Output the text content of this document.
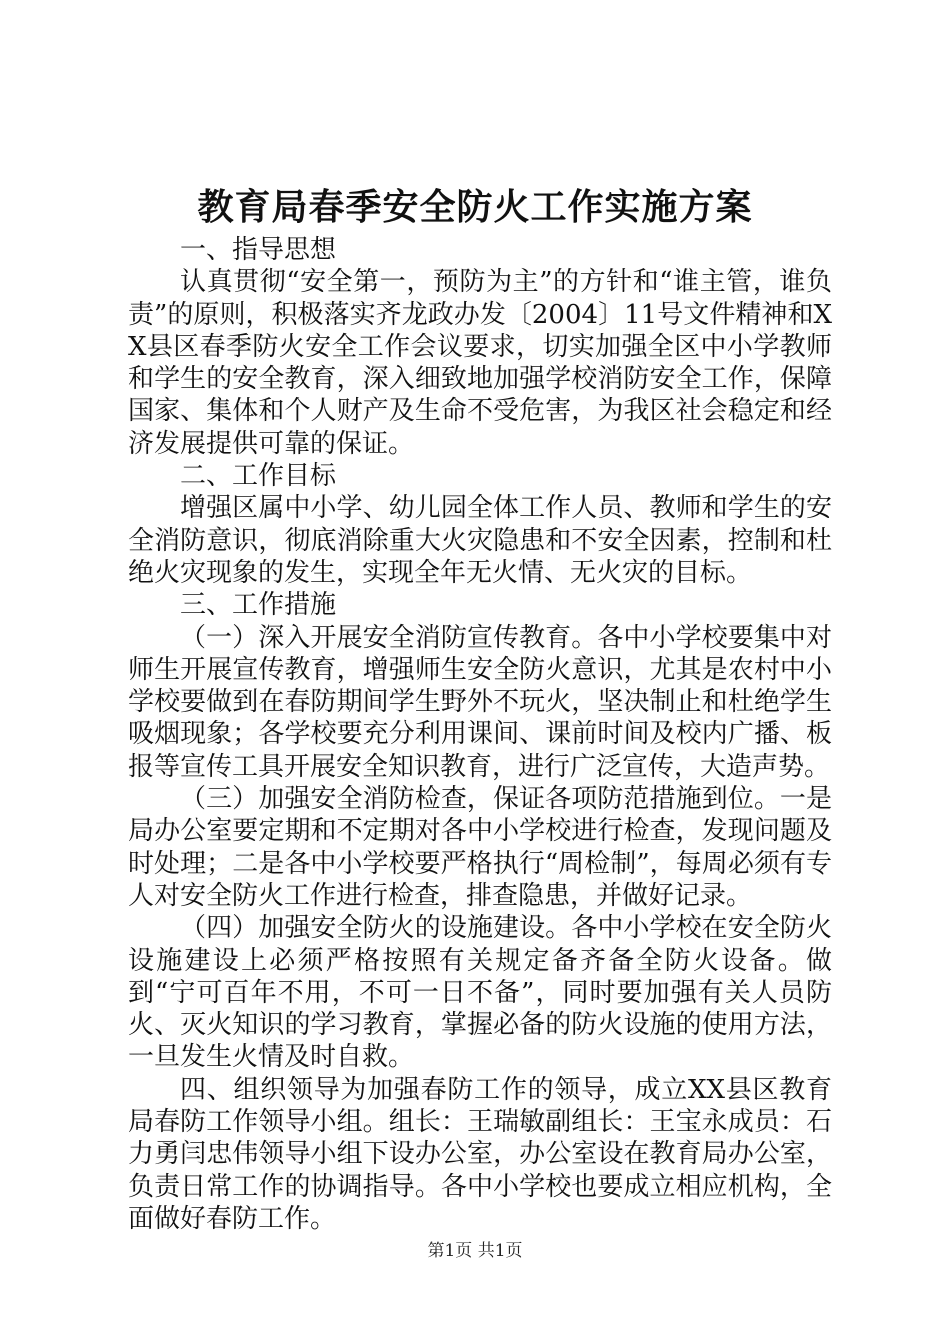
教育局春季安全防火工作实施方案

一、指导思想

认真贯彻“安全第一，预防为主”的方针和“谁主管，谁负责”的原则，积极落实齐龙政办发〔2004〕11号文件精神和XX县区春季防火安全工作会议要求，切实加强全区中小学教师和学生的安全教育，深入细致地加强学校消防安全工作，保障国家、集体和个人财产及生命不受危害，为我区社会稳定和经济发展提供可靠的保证。

二、工作目标

增强区属中小学、幼儿园全体工作人员、教师和学生的安全消防意识，彻底消除重大火灾隐患和不安全因素，控制和杜绝火灾现象的发生，实现全年无火情、无火灾的目标。

三、工作措施

（一）深入开展安全消防宣传教育。各中小学校要集中对师生开展宣传教育，增强师生安全防火意识，尤其是农村中小学校要做到在春防期间学生野外不玩火，坚决制止和杜绝学生吸烟现象；各学校要充分利用课间、课前时间及校内广播、板报等宣传工具开展安全知识教育，进行广泛宣传，大造声势。

（三）加强安全消防检查，保证各项防范措施到位。一是局办公室要定期和不定期对各中小学校进行检查，发现问题及时处理；二是各中小学校要严格执行“周检制”，每周必须有专人对安全防火工作进行检查，排查隐患，并做好记录。

（四）加强安全防火的设施建设。各中小学校在安全防火设施建设上必须严格按照有关规定备齐备全防火设备。做到“宁可百年不用，不可一日不备”，同时要加强有关人员防火、灭火知识的学习教育，掌握必备的防火设施的使用方法，一旦发生火情及时自救。

四、组织领导为加强春防工作的领导，成立XX县区教育局春防工作领导小组。组长：王瑞敏副组长：王宝永成员：石力勇闫忠伟领导小组下设办公室，办公室设在教育局办公室，负责日常工作的协调指导。各中小学校也要成立相应机构，全面做好春防工作。

第1页 共1页
